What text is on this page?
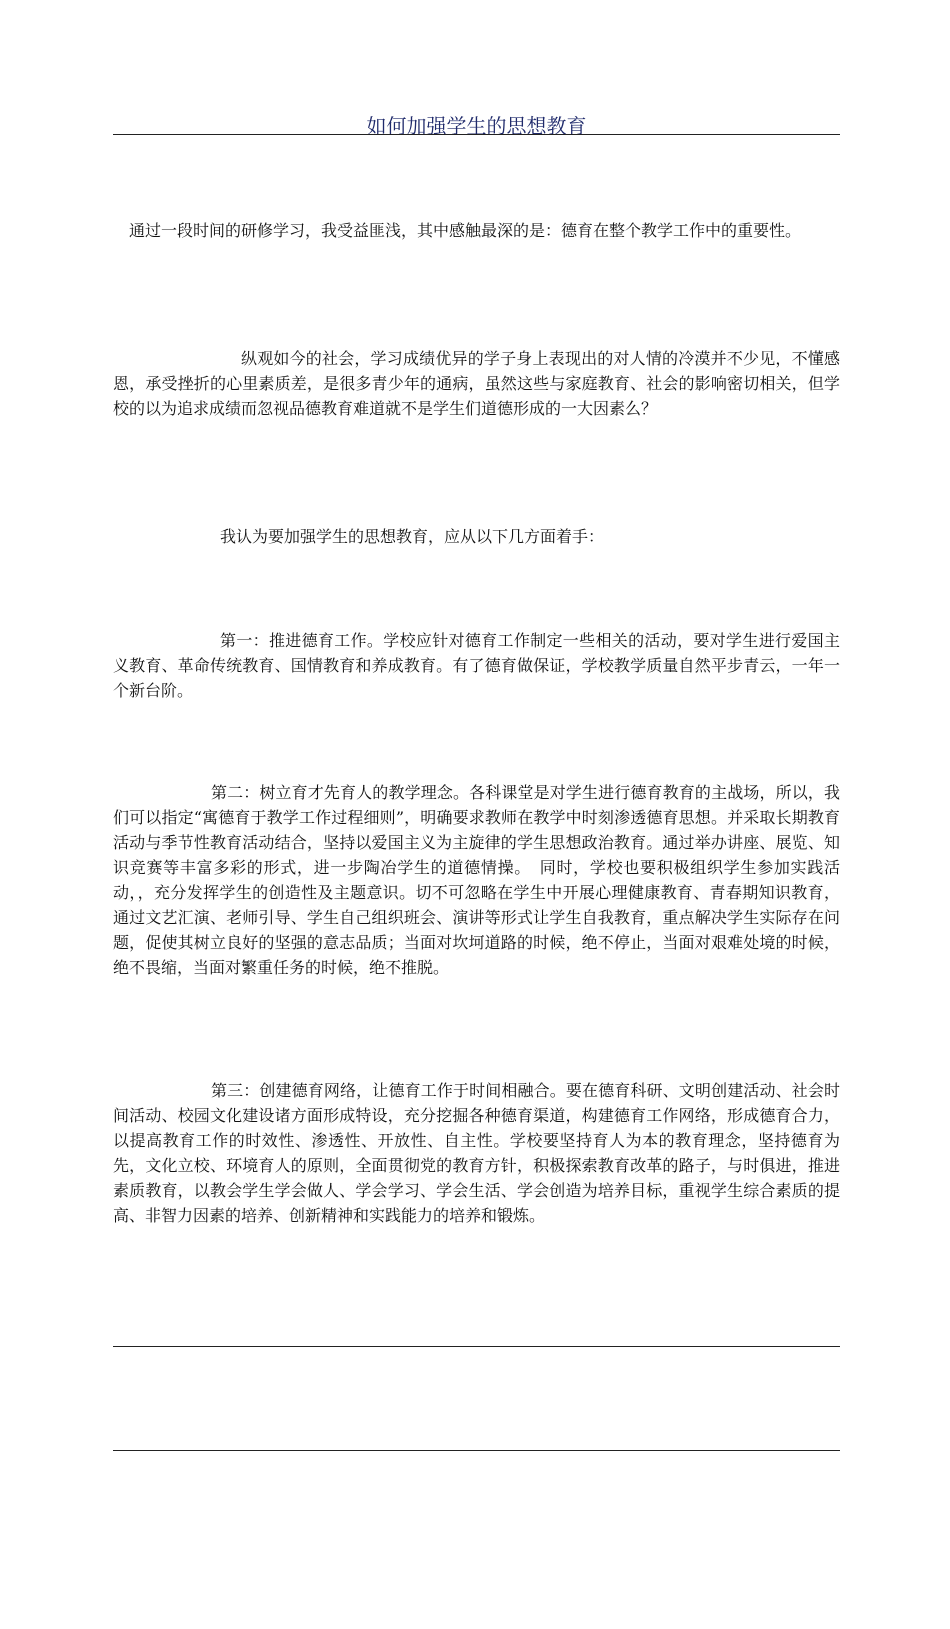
如何加强学生的思想教育

通过一段时间的研修学习，我受益匪浅，其中感触最深的是：德育在整个教学工作中的重要性。

纵观如今的社会，学习成绩优异的学子身上表现出的对人情的冷漠并不少见，不懂感恩，承受挫折的心里素质差，是很多青少年的通病，虽然这些与家庭教育、社会的影响密切相关，但学校的以为追求成绩而忽视品德教育难道就不是学生们道德形成的一大因素么？

我认为要加强学生的思想教育，应从以下几方面着手：

第一：推进德育工作。学校应针对德育工作制定一些相关的活动，要对学生进行爱国主义教育、革命传统教育、国情教育和养成教育。有了德育做保证，学校教学质量自然平步青云，一年一个新台阶。

第二：树立育才先育人的教学理念。各科课堂是对学生进行德育教育的主战场，所以，我们可以指定“寓德育于教学工作过程细则”，明确要求教师在教学中时刻渗透德育思想。并采取长期教育活动与季节性教育活动结合，坚持以爱国主义为主旋律的学生思想政治教育。通过举办讲座、展览、知识竞赛等丰富多彩的形式，进一步陶冶学生的道德情操。　同时，学校也要积极组织学生参加实践活动，，充分发挥学生的创造性及主题意识。切不可忽略在学生中开展心理健康教育、青春期知识教育，通过文艺汇演、老师引导、学生自己组织班会、演讲等形式让学生自我教育，重点解决学生实际存在问题，促使其树立良好的坚强的意志品质；当面对坎坷道路的时候，绝不停止，当面对艰难处境的时候，绝不畏缩，当面对繁重任务的时候，绝不推脱。

第三：创建德育网络，让德育工作于时间相融合。要在德育科研、文明创建活动、社会时间活动、校园文化建设诸方面形成特设，充分挖掘各种德育渠道，构建德育工作网络，形成德育合力，以提高教育工作的时效性、渗透性、开放性、自主性。学校要坚持育人为本的教育理念，坚持德育为先，文化立校、环境育人的原则，全面贯彻党的教育方针，积极探索教育改革的路子，与时俱进，推进素质教育，以教会学生学会做人、学会学习、学会生活、学会创造为培养目标，重视学生综合素质的提高、非智力因素的培养、创新精神和实践能力的培养和锻炼。
